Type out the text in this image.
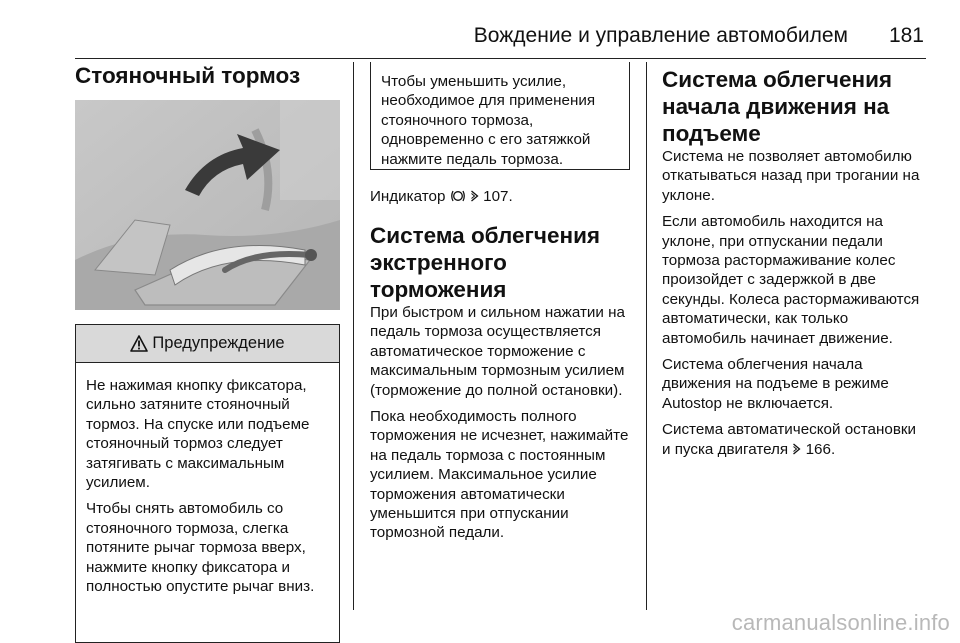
Вождение и управление автомобилем 181
Стояночный тормоз
Предупреждение

Не нажимая кнопку фиксатора, сильно затяните стояночный тормоз. На спуске или подъеме стояночный тормоз следует затягивать с максимальным усилием.

Чтобы снять автомобиль со стояночного тормоза, слегка потяните рычаг тормоза вверх, нажмите кнопку фиксатора и полностью опустите рычаг вниз.

Чтобы уменьшить усилие, необходимое для применения стояночного тормоза, одновременно с его затяжкой нажмите педаль тормоза.

Индикатор 107.
Система облегчения экстренного торможения

При быстром и сильном нажатии на педаль тормоза осуществляется автоматическое торможение с максимальным тормозным усилием (торможение до полной остановки).

Пока необходимость полного торможения не исчезнет, нажимайте на педаль тормоза с постоянным усилием. Максимальное усилие торможения автоматически уменьшится при отпускании тормозной педали.

Система облегчения начала движения на подъеме

Система не позволяет автомобилю откатываться назад при трогании на уклоне.

Если автомобиль находится на уклоне, при отпускании педали тормоза растормаживание колес произойдет с задержкой в две секунды. Колеса растормаживаются автоматически, как только автомобиль начинает движение.

Система облегчения начала движения на подъеме в режиме Autostop не включается.

Система автоматической остановки и пуска двигателя 166.

carmanualsonline.info
